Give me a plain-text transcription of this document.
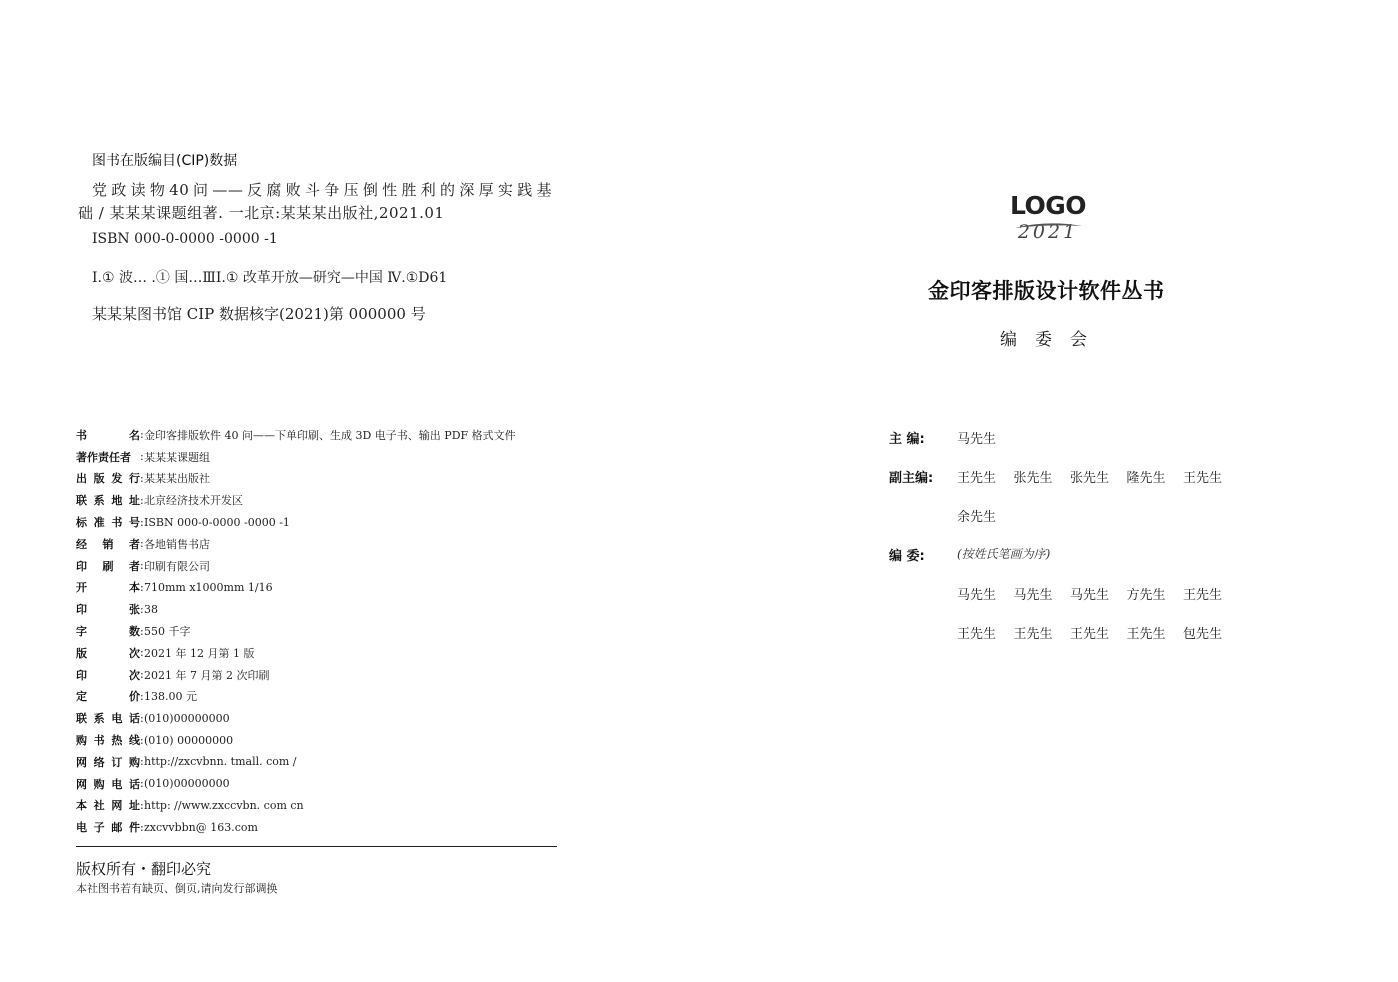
图书在版编目(CIP)数据
党政读物40问——反腐败斗争压倒性胜利的深厚实践基
础 / 某某某课题组著. 一北京:某某某出版社,2021.01
ISBN 000-0-0000 -0000 -1
I.① 波… .① 国…ⅢI.① 改革开放—研究—中国 Ⅳ.①D61
某某某图书馆 CIP 数据核字(2021)第 000000 号
书	名 : 金印客排版软件 40 问——下单印刷、生成 3D 电子书、输出 PDF 格式文件
著作责任者 : 某某某课题组
出 版 发 行 : 某某某出版社
联 系 地 址 : 北京经济技术开发区
标 准 书 号 : ISBN 000-0-0000 -0000 -1
经 销 者 : 各地销售书店
印 刷 者 : 印刷有限公司
开	本 : 710mm x1000mm 1/16
印	张 : 38
字	数 : 550 千字
版	次 : 2021 年 12 月第 1 版
印	次 : 2021 年 7 月第 2 次印刷
定	价 : 138.00 元
联 系 电 话 : (010)00000000
购 书 热 线 : (010) 00000000
网 络 订 购 : http://zxcvbnn. tmall. com /
网 购 电 话 : (010)00000000
本 社 网 址 : http: //www.zxccvbn. com cn
电 子 邮 件 : zxcvvbbn@ 163.com
版权所有・翻印必究
本社图书若有缺页、倒页,请向发行部调换
LOGO
2021
金印客排版设计软件丛书
编委会
主 编: 马先生
副主编: 王先生	张先生	张先生	隆先生	王先生
余先生
编 委:	(按姓氏笔画为序)
马先生	马先生	马先生	方先生	王先生
王先生	王先生	王先生	王先生	包先生
